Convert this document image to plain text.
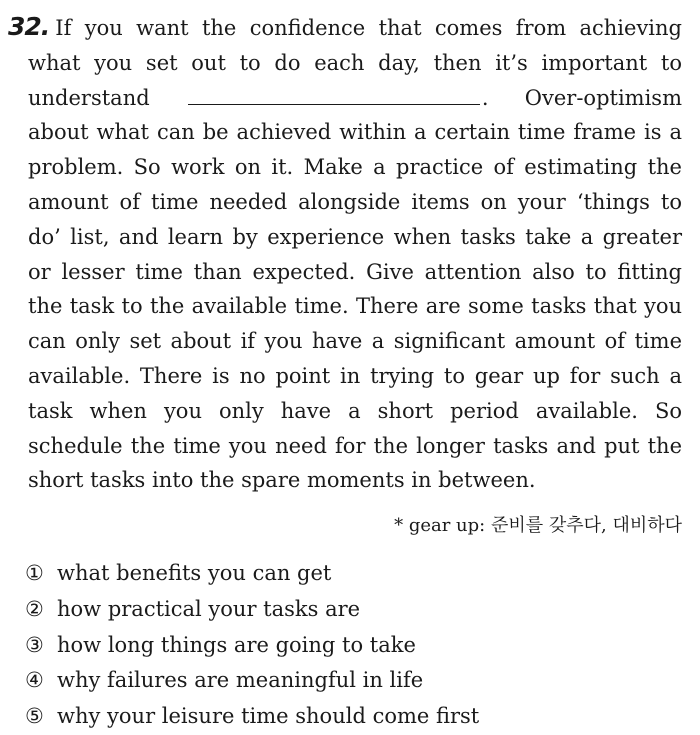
32. If you want the confidence that comes from achieving what you set out to do each day, then it’s important to understand	. Over-optimism about what can be achieved within a certain time frame is a problem. So work on it. Make a practice of estimating the amount of time needed alongside items on your ‘things to do’ list, and learn by experience when tasks take a greater or lesser time than expected. Give attention also to fitting the task to the available time. There are some tasks that you can only set about if you have a significant amount of time available. There is no point in trying to gear up for such a task when you only have a short period available. So schedule the time you need for the longer tasks and put the short tasks into the spare moments in between.

* gear up: 준비를 갖추다, 대비하다
① what benefits you can get
② how practical your tasks are
③ how long things are going to take
④ why failures are meaningful in life
⑤ why your leisure time should come first
